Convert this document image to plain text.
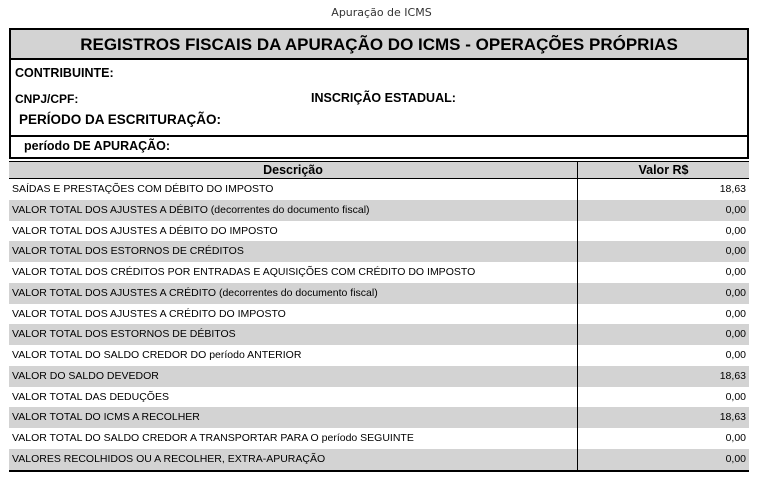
Apuração de ICMS
REGISTROS FISCAIS DA APURAÇÃO DO ICMS - OPERAÇÕES PRÓPRIAS
CONTRIBUINTE:
CNPJ/CPF:	INSCRIÇÃO ESTADUAL:
PERÍODO DA ESCRITURAÇÃO:
período DE APURAÇÃO:
Descrição	Valor R$
SAÍDAS E PRESTAÇÕES COM DÉBITO DO IMPOSTO	18,63
VALOR TOTAL DOS AJUSTES A DÉBITO (decorrentes do documento fiscal)	0,00
VALOR TOTAL DOS AJUSTES A DÉBITO DO IMPOSTO	0,00
VALOR TOTAL DOS ESTORNOS DE CRÉDITOS	0,00
VALOR TOTAL DOS CRÉDITOS POR ENTRADAS E AQUISIÇÕES COM CRÉDITO DO IMPOSTO	0,00
VALOR TOTAL DOS AJUSTES A CRÉDITO (decorrentes do documento fiscal)	0,00
VALOR TOTAL DOS AJUSTES A CRÉDITO DO IMPOSTO	0,00
VALOR TOTAL DOS ESTORNOS DE DÉBITOS	0,00
VALOR TOTAL DO SALDO CREDOR DO período ANTERIOR	0,00
VALOR DO SALDO DEVEDOR	18,63
VALOR TOTAL DAS DEDUÇÕES	0,00
VALOR TOTAL DO ICMS A RECOLHER	18,63
VALOR TOTAL DO SALDO CREDOR A TRANSPORTAR PARA O período SEGUINTE	0,00
VALORES RECOLHIDOS OU A RECOLHER, EXTRA-APURAÇÃO	0,00
